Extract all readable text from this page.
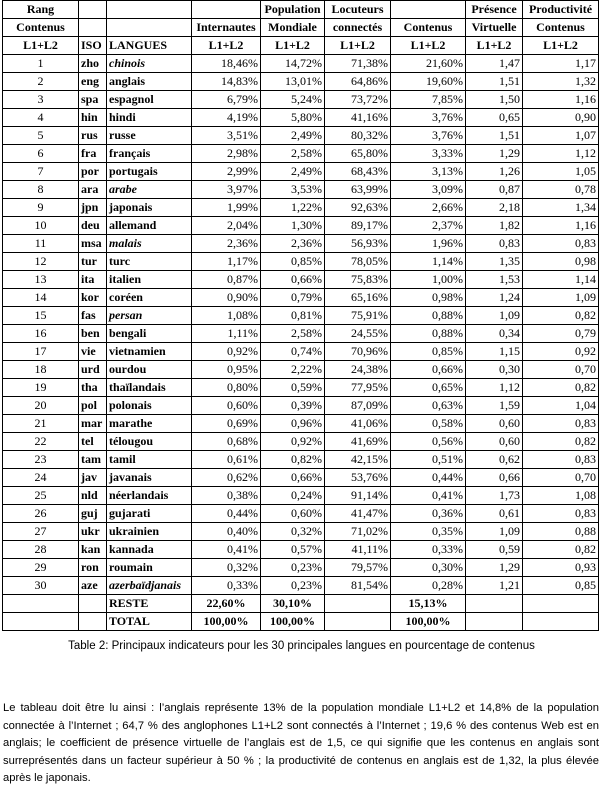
Rang				Population	Locuteurs		Présence	Productivité
Contenus			Internautes	Mondiale	connectés	Contenus	Virtuelle	Contenus
L1+L2	ISO	LANGUES	L1+L2	L1+L2	L1+L2	L1+L2	L1+L2	L1+L2
1	zho	chinois	18,46%	14,72%	71,38%	21,60%	1,47	1,17
2	eng	anglais	14,83%	13,01%	64,86%	19,60%	1,51	1,32
3	spa	espagnol	6,79%	5,24%	73,72%	7,85%	1,50	1,16
4	hin	hindi	4,19%	5,80%	41,16%	3,76%	0,65	0,90
5	rus	russe	3,51%	2,49%	80,32%	3,76%	1,51	1,07
6	fra	français	2,98%	2,58%	65,80%	3,33%	1,29	1,12
7	por	portugais	2,99%	2,49%	68,43%	3,13%	1,26	1,05
8	ara	arabe	3,97%	3,53%	63,99%	3,09%	0,87	0,78
9	jpn	japonais	1,99%	1,22%	92,63%	2,66%	2,18	1,34
10	deu	allemand	2,04%	1,30%	89,17%	2,37%	1,82	1,16
11	msa	malais	2,36%	2,36%	56,93%	1,96%	0,83	0,83
12	tur	turc	1,17%	0,85%	78,05%	1,14%	1,35	0,98
13	ita	italien	0,87%	0,66%	75,83%	1,00%	1,53	1,14
14	kor	coréen	0,90%	0,79%	65,16%	0,98%	1,24	1,09
15	fas	persan	1,08%	0,81%	75,91%	0,88%	1,09	0,82
16	ben	bengali	1,11%	2,58%	24,55%	0,88%	0,34	0,79
17	vie	vietnamien	0,92%	0,74%	70,96%	0,85%	1,15	0,92
18	urd	ourdou	0,95%	2,22%	24,38%	0,66%	0,30	0,70
19	tha	thaïlandais	0,80%	0,59%	77,95%	0,65%	1,12	0,82
20	pol	polonais	0,60%	0,39%	87,09%	0,63%	1,59	1,04
21	mar	marathe	0,69%	0,96%	41,06%	0,58%	0,60	0,83
22	tel	télougou	0,68%	0,92%	41,69%	0,56%	0,60	0,82
23	tam	tamil	0,61%	0,82%	42,15%	0,51%	0,62	0,83
24	jav	javanais	0,62%	0,66%	53,76%	0,44%	0,66	0,70
25	nld	néerlandais	0,38%	0,24%	91,14%	0,41%	1,73	1,08
26	guj	gujarati	0,44%	0,60%	41,47%	0,36%	0,61	0,83
27	ukr	ukrainien	0,40%	0,32%	71,02%	0,35%	1,09	0,88
28	kan	kannada	0,41%	0,57%	41,11%	0,33%	0,59	0,82
29	ron	roumain	0,32%	0,23%	79,57%	0,30%	1,29	0,93
30	aze	azerbaïdjanais	0,33%	0,23%	81,54%	0,28%	1,21	0,85
		RESTE	22,60%	30,10%		15,13%		
		TOTAL	100,00%	100,00%		100,00%		
Table 2: Principaux indicateurs pour les 30 principales langues en pourcentage de contenus
Le tableau doit être lu ainsi : l’anglais représente 13% de la population mondiale L1+L2 et 14,8% de la population connectée à l’Internet ; 64,7 % des anglophones L1+L2 sont connectés à l’Internet ; 19,6 % des contenus Web est en anglais; le coefficient de présence virtuelle de l’anglais est de 1,5, ce qui signifie que les contenus en anglais sont surreprésentés dans un facteur supérieur à 50 % ; la productivité de contenus en anglais est de 1,32, la plus élevée après le japonais.
